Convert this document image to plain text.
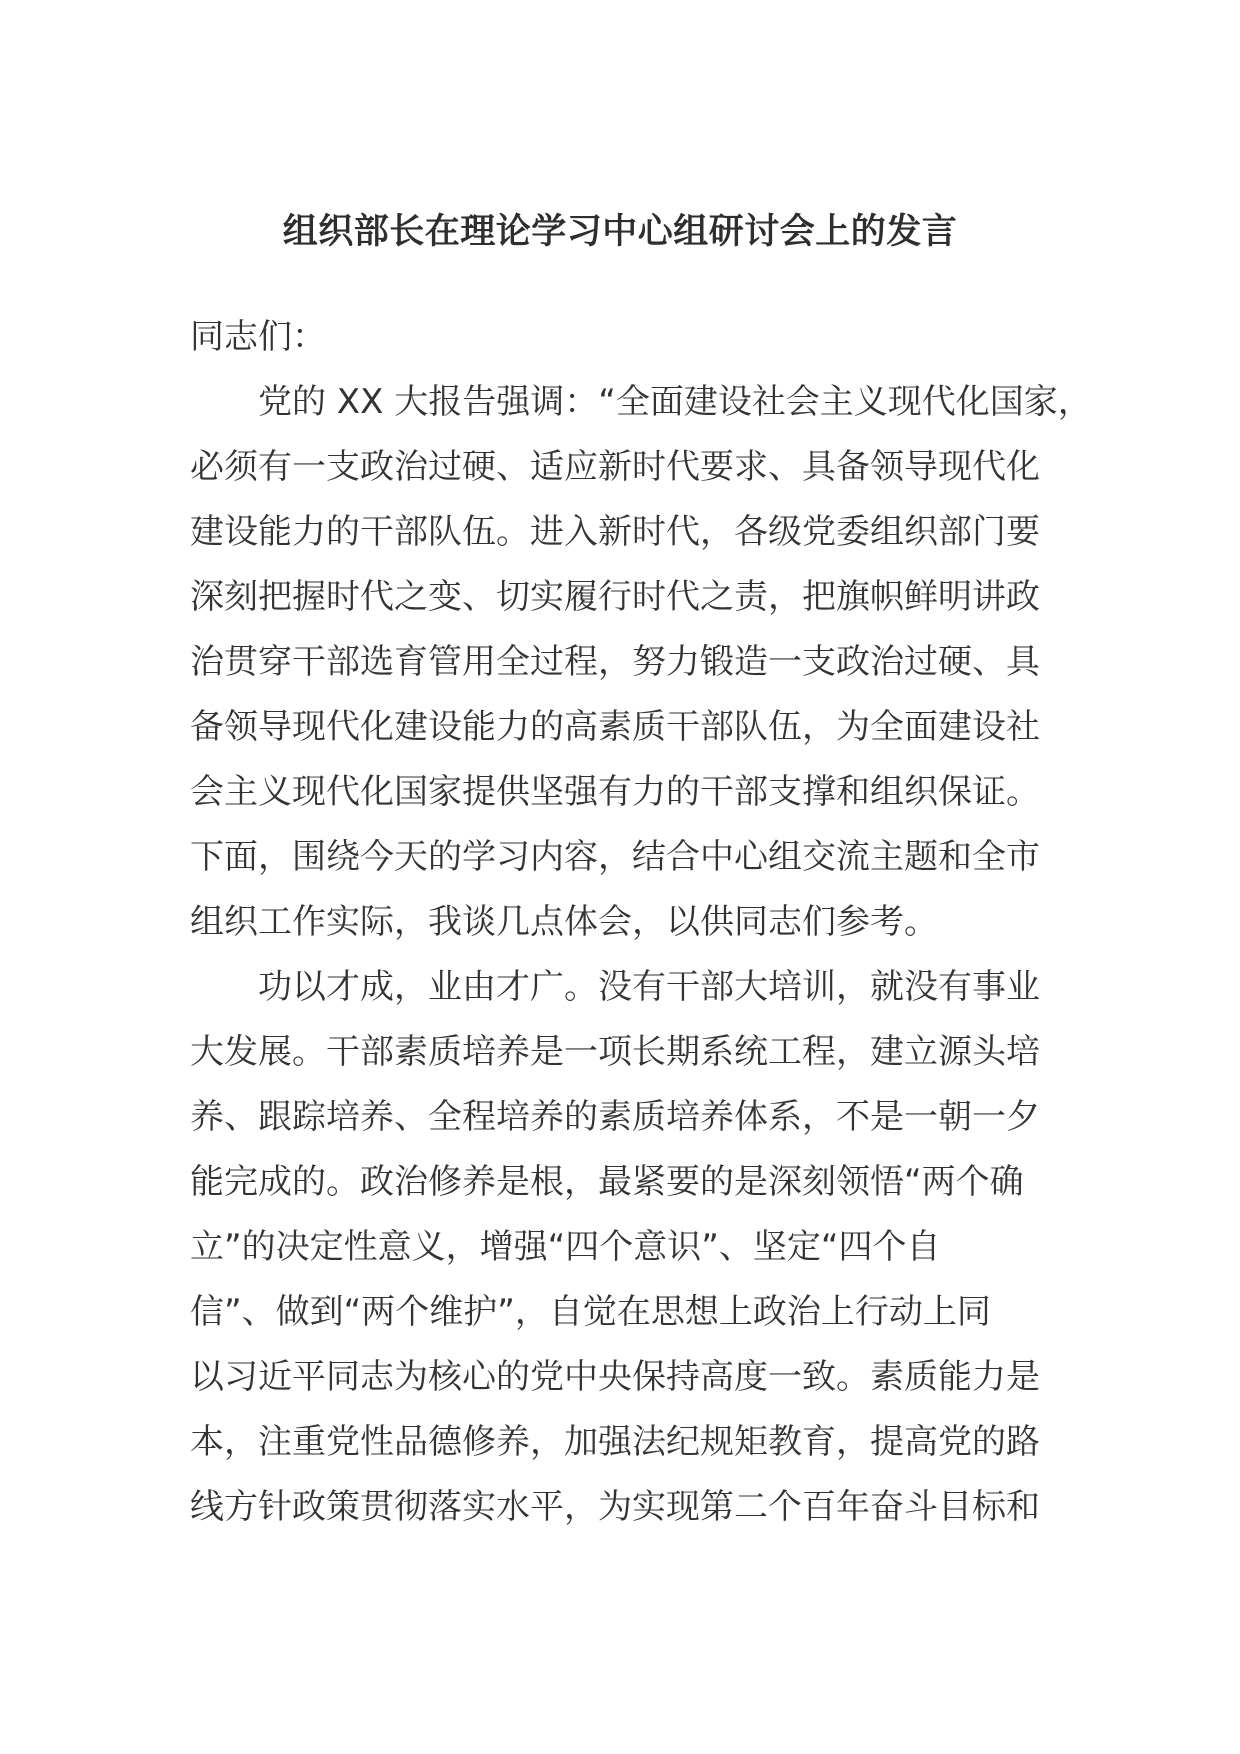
组织部长在理论学习中心组研讨会上的发言
同志们：
党的 XX 大报告强调：“全面建设社会主义现代化国家，
必须有一支政治过硬、适应新时代要求、具备领导现代化
建设能力的干部队伍。进入新时代，各级党委组织部门要
深刻把握时代之变、切实履行时代之责，把旗帜鲜明讲政
治贯穿干部选育管用全过程，努力锻造一支政治过硬、具
备领导现代化建设能力的高素质干部队伍，为全面建设社
会主义现代化国家提供坚强有力的干部支撑和组织保证。
下面，围绕今天的学习内容，结合中心组交流主题和全市
组织工作实际，我谈几点体会，以供同志们参考。
功以才成，业由才广。没有干部大培训，就没有事业
大发展。干部素质培养是一项长期系统工程，建立源头培
养、跟踪培养、全程培养的素质培养体系，不是一朝一夕
能完成的。政治修养是根，最紧要的是深刻领悟“两个确
立”的决定性意义，增强“四个意识”、坚定“四个自
信”、做到“两个维护”，自觉在思想上政治上行动上同
以习近平同志为核心的党中央保持高度一致。素质能力是
本，注重党性品德修养，加强法纪规矩教育，提高党的路
线方针政策贯彻落实水平，为实现第二个百年奋斗目标和
